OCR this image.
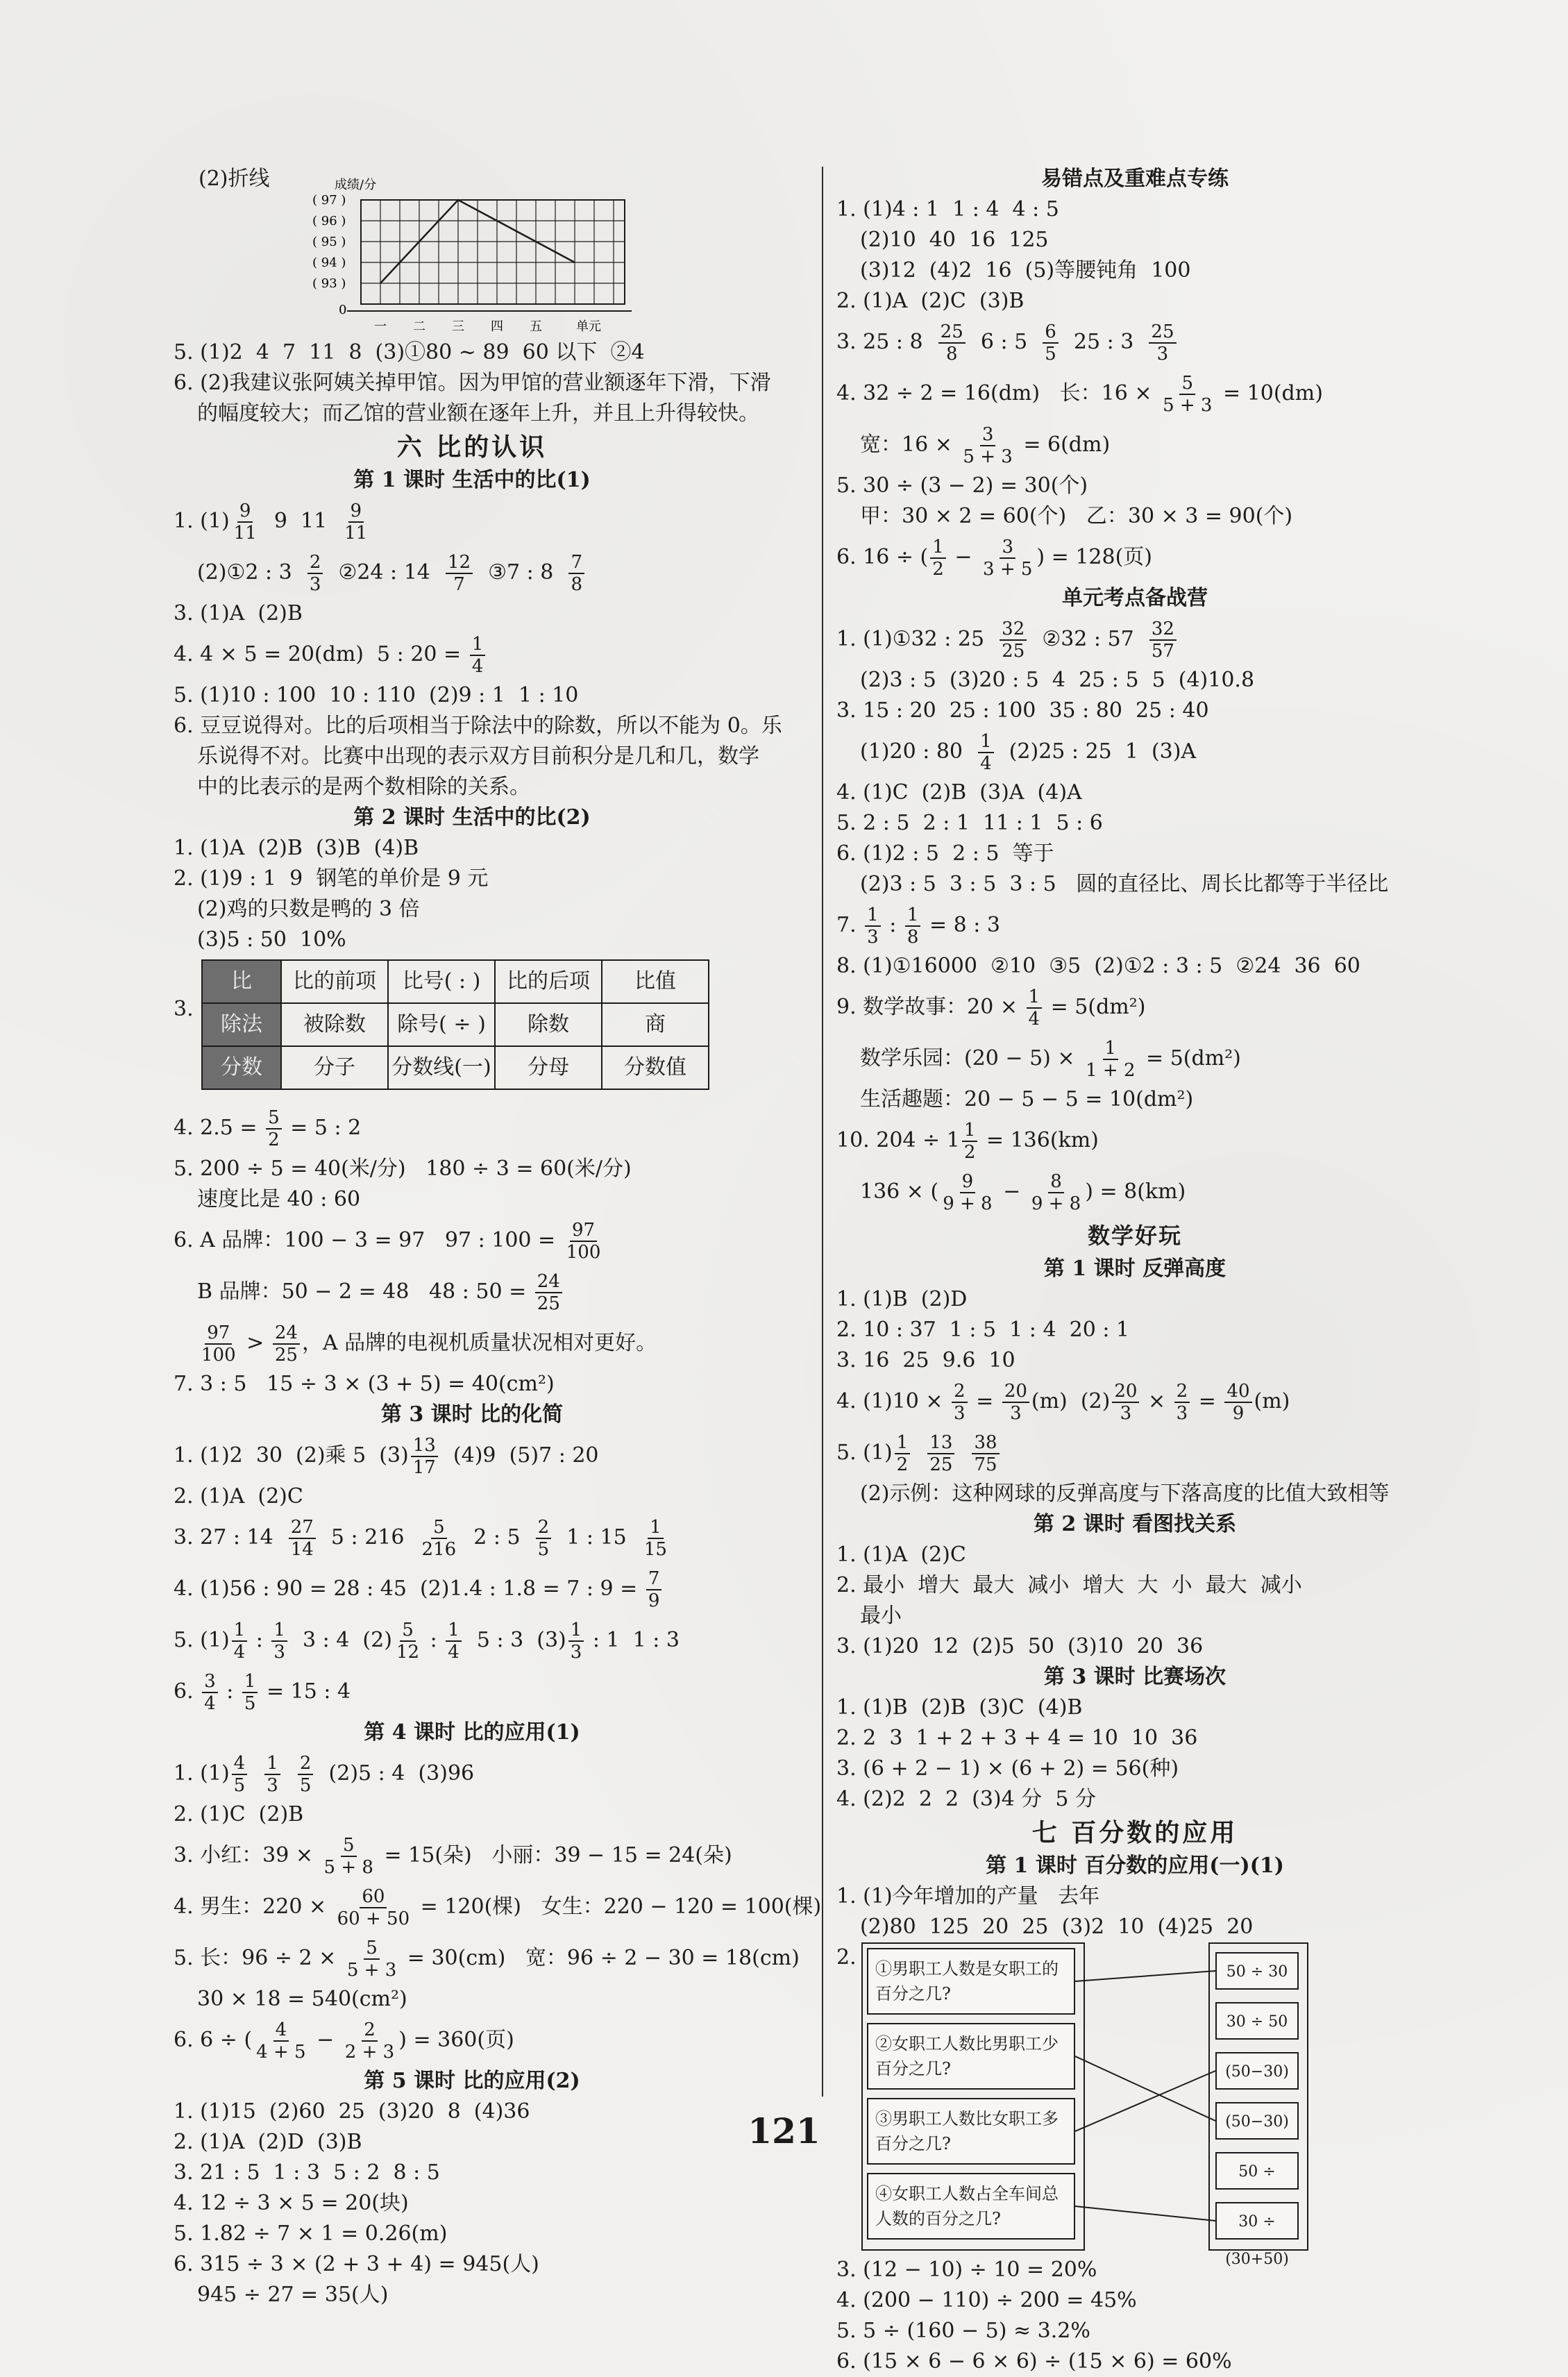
(2)折线	成绩/分
( 97 )
( 96 )
( 95 )
( 94 )
( 93 )
0
一 二 三 四 五	单元
5. (1)2  4  7  11  8  (3)①80 ~ 89  60 以下  ②4
6. (2)我建议张阿姨关掉甲馆。因为甲馆的营业额逐年下滑，下滑
的幅度较大；而乙馆的营业额在逐年上升，并且上升得较快。
六 比的认识
第 1 课时 生活中的比(1)
1. $(1) \frac{9}{11} 9$  $11 \frac{9}{11}$
(2)①2 : $3 \frac{2}{3}$ ②24 : $14 \frac{12}{7}$ ③7 : $8 \frac{7}{8}$
3. (1)A  (2)B
4. 4 × 5 = 20(dm)  5 : $20 = \frac{1}{4}$
5. (1)10 : 100  10 : 110  (2)9 : 1  1 : 10
6. 豆豆说得对。比的后项相当于除法中的除数，所以不能为 0。乐
乐说得不对。比赛中出现的表示双方目前积分是几和几，数学
中的比表示的是两个数相除的关系。
第 2 课时 生活中的比(2)
1. (1)A  (2)B  (3)B  (4)B
2. (1)9 : 1  9  钢笔的单价是 9 元
(2)鸡的只数是鸭的 3 倍
(3)5 : 50  10%
3.
比	比的前项	比号( : )	比的后项	比值
除法	被除数	除号( ÷ )	除数	商
分数	分子	分数线(一)	分母	分数值
4. $2.5 = \frac{5}{2} = 5$ : 2
5. 200 ÷ 5 = 40(米/分)   180 ÷ 3 = 60(米/分)
速度比是 40 : 60
6. A 品牌：100 − 3 = 97   97 : $100 = \frac{97}{100}$
B 品牌：50 − 2 = 48   48 : $50 = \frac{24}{25}$
$\frac{97}{100} > \frac{24}{25}$ ，A 品牌的电视机质量状况相对更好。
7. 3 : 5   15 ÷ 3 × (3 + 5) = 40(cm²)
第 3 课时 比的化简
1. (1)2  30  (2)乘 5  $(3) \frac{13}{17} (4)9$  (5)7 : 20
2. (1)A  (2)C
3. 27 : $14 \frac{27}{14} 5$ : $216 \frac{5}{216} 2$ : $5 \frac{2}{5} 1$ : $15 \frac{1}{15}$
4. (1)56 : 90 = 28 : 45  (2)1.4 : 1.8 = 7 : $9 = \frac{7}{9}$
5. $(1) \frac{1}{4}$ : $\frac{1}{3} 3$ : 4  $(2) \frac{5}{12}$ : $\frac{1}{4} 5$ : 3  $(3) \frac{1}{3}$ : 1  1 : 3
6. $\frac{3}{4}$ : $\frac{1}{5} = 15$ : 4
第 4 课时 比的应用(1)
1. $(1) \frac{4}{5}$
$\frac{1}{3}$
$\frac{2}{5} (2)5$ : 4  (3)96
2. (1)C  (2)B
3. 小红：$39 \times \frac{5}{5 + 8} = 15$(朵)   小丽：39 − 15 = 24(朵)
4. 男生：$220 \times \frac{60}{60 + 50} = 120$(棵)   女生：220 − 120 = 100(棵)
5. 长：$96 \div 2 \times \frac{5}{5 + 3} = 30(cm)$   宽：96 ÷ 2 − 30 = 18(cm)
30 × 18 = 540(cm²)
6. 6 ÷ ( $\frac{4}{4 + 5} - \frac{2}{2 + 3}$ ) = 360(页)
第 5 课时 比的应用(2)
1. (1)15  (2)60  25  (3)20  8  (4)36
2. (1)A  (2)D  (3)B
3. 21 : 5  1 : 3  5 : 2  8 : 5
4. 12 ÷ 3 × 5 = 20(块)
5. 1.82 ÷ 7 × 1 = 0.26(m)
6. 315 ÷ 3 × (2 + 3 + 4) = 945(人)
945 ÷ 27 = 35(人)
易错点及重难点专练
1. (1)4 : 1  1 : 4  4 : 5
(2)10  40  16  125
(3)12  (4)2  16  (5)等腰钝角  100
2. (1)A  (2)C  (3)B
3. 25 : $8 \frac{25}{8} 6$ : $5 \frac{6}{5} 25$ : $3 \frac{25}{3}$
4. 32 ÷ 2 = 16(dm)   长：$16 \times \frac{5}{5 + 3} = 10(dm)$
宽：$16 \times \frac{3}{5 + 3} = 6(dm)$
5. 30 ÷ (3 − 2) = 30(个)
甲：30 × 2 = 60(个)   乙：30 × 3 = 90(个)
6. 16 ÷ ( $\frac{1}{2} - \frac{3}{3 + 5}$ ) = 128(页)
单元考点备战营
1. (1)①32 : $25 \frac{32}{25}$ ②32 : $57 \frac{32}{57}$
(2)3 : 5  (3)20 : 5  4  25 : 5  5  (4)10.8
3. 15 : 20  25 : 100  35 : 80  25 : 40
(1)20 : $80 \frac{1}{4} (2)25$ : 25  1  (3)A
4. (1)C  (2)B  (3)A  (4)A
5. 2 : 5  2 : 1  11 : 1  5 : 6
6. (1)2 : 5  2 : 5  等于
(2)3 : 5  3 : 5  3 : 5   圆的直径比、周长比都等于半径比
7. $\frac{1}{3}$ : $\frac{1}{8} = 8$ : 3
8. (1)①16000  ②10  ③5  (2)①2 : 3 : 5  ②24  36  60
9. 数学故事：$20 \times \frac{1}{4} = 5(dm^2)$
数学乐园：$(20 - 5) \times \frac{1}{1 + 2} = 5(dm^2)$
生活趣题：20 − 5 − 5 = 10(dm²)
10. $204 \div 1 \frac{1}{2} = 136(km)$
136 × ( $\frac{9}{9 + 8} - \frac{8}{9 + 8}$ ) = 8(km)
数学好玩
第 1 课时 反弹高度
1. (1)B  (2)D
2. 10 : 37  1 : 5  1 : 4  20 : 1
3. 16  25  9.6  10
4. $(1)10 \times \frac{2}{3} = \frac{20}{3} (m)$  $(2) \frac{20}{3} \times \frac{2}{3} = \frac{40}{9} (m)$
5. $(1) \frac{1}{2}$
$\frac{13}{25}$
$\frac{38}{75}$
(2)示例：这种网球的反弹高度与下落高度的比值大致相等
第 2 课时 看图找关系
1. (1)A  (2)C
2. 最小  增大  最大  减小  增大  大  小  最大  减小
最小
3. (1)20  12  (2)5  50  (3)10  20  36
第 3 课时 比赛场次
1. (1)B  (2)B  (3)C  (4)B
2. 2  3  1 + 2 + 3 + 4 = 10  10  36
3. (6 + 2 − 1) × (6 + 2) = 56(种)
4. (2)2  2  2  (3)4 分  5 分
七 百分数的应用
第 1 课时 百分数的应用(一)(1)
1. (1)今年增加的产量   去年
(2)80  125  20  25  (3)2  10  (4)25  20
2.	①男职工人数是女职工的百分之几?
②女职工人数比男职工少百分之几?
③男职工人数比女职工多百分之几?
④女职工人数占全车间总人数的百分之几?
50 ÷ 30
30 ÷ 50
(50−30)
(50−30)
50 ÷
30 ÷ (30+50)
3. (12 − 10) ÷ 10 = 20%
4. (200 − 110) ÷ 200 = 45%
5. 5 ÷ (160 − 5) ≈ 3.2%
6. (15 × 6 − 6 × 6) ÷ (15 × 6) = 60%
121
